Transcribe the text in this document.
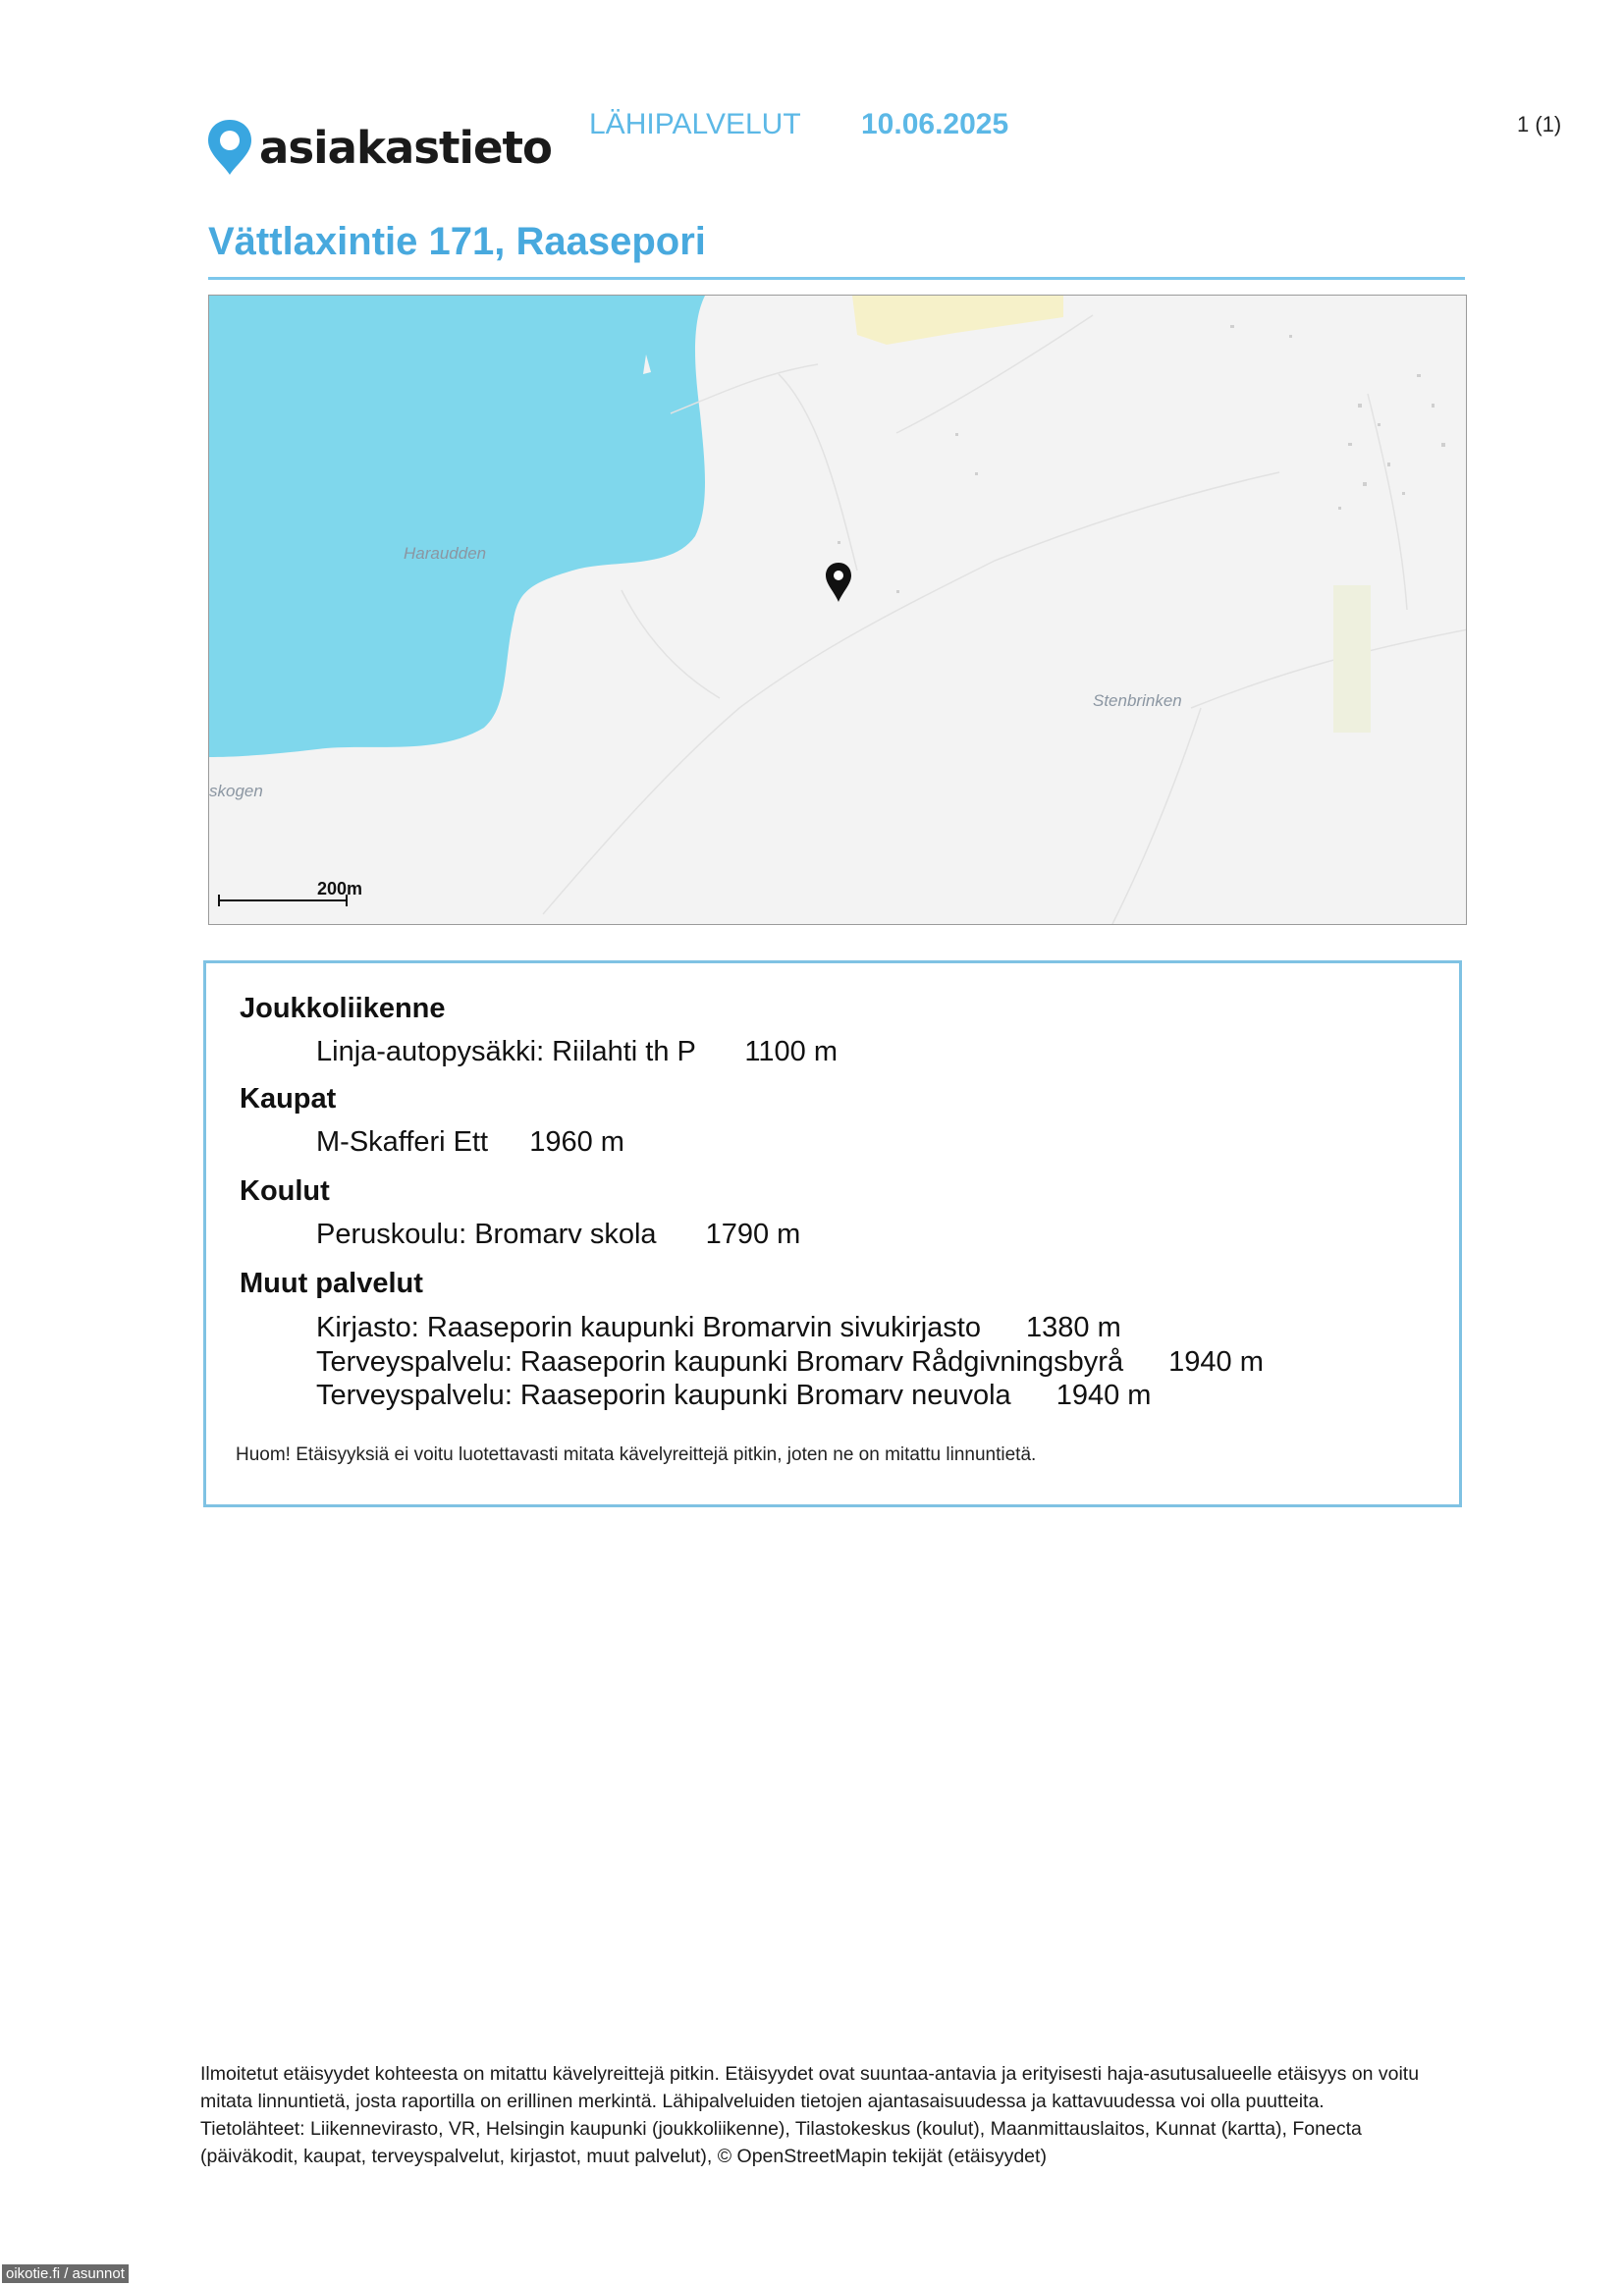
asiakastieto LÄHIPALVELUT 10.06.2025	1 (1)
Vättlaxintie 171, Raasepori
Haraudden
Stenbrinken
skogen
200m
Joukkoliikenne
Linja-autopysäkki: Riilahti th P 1100 m
Kaupat
M-Skafferi Ett 1960 m
Koulut
Peruskoulu: Bromarv skola 1790 m
Muut palvelut
Kirjasto: Raaseporin kaupunki Bromarvin sivukirjasto 1380 m
Terveyspalvelu: Raaseporin kaupunki Bromarv Rådgivningsbyrå 1940 m
Terveyspalvelu: Raaseporin kaupunki Bromarv neuvola 1940 m
Huom! Etäisyyksiä ei voitu luotettavasti mitata kävelyreittejä pitkin, joten ne on mitattu linnuntietä.

Ilmoitetut etäisyydet kohteesta on mitattu kävelyreittejä pitkin. Etäisyydet ovat suuntaa-antavia ja erityisesti haja-asutusalueelle etäisyys on voitu mitata linnuntietä, josta raportilla on erillinen merkintä. Lähipalveluiden tietojen ajantasaisuudessa ja kattavuudessa voi olla puutteita.

Tietolähteet: Liikennevirasto, VR, Helsingin kaupunki (joukkoliikenne), Tilastokeskus (koulut), Maanmittauslaitos, Kunnat (kartta), Fonecta (päiväkodit, kaupat, terveyspalvelut, kirjastot, muut palvelut), © OpenStreetMapin tekijät (etäisyydet)

oikotie.fi / asunnot
